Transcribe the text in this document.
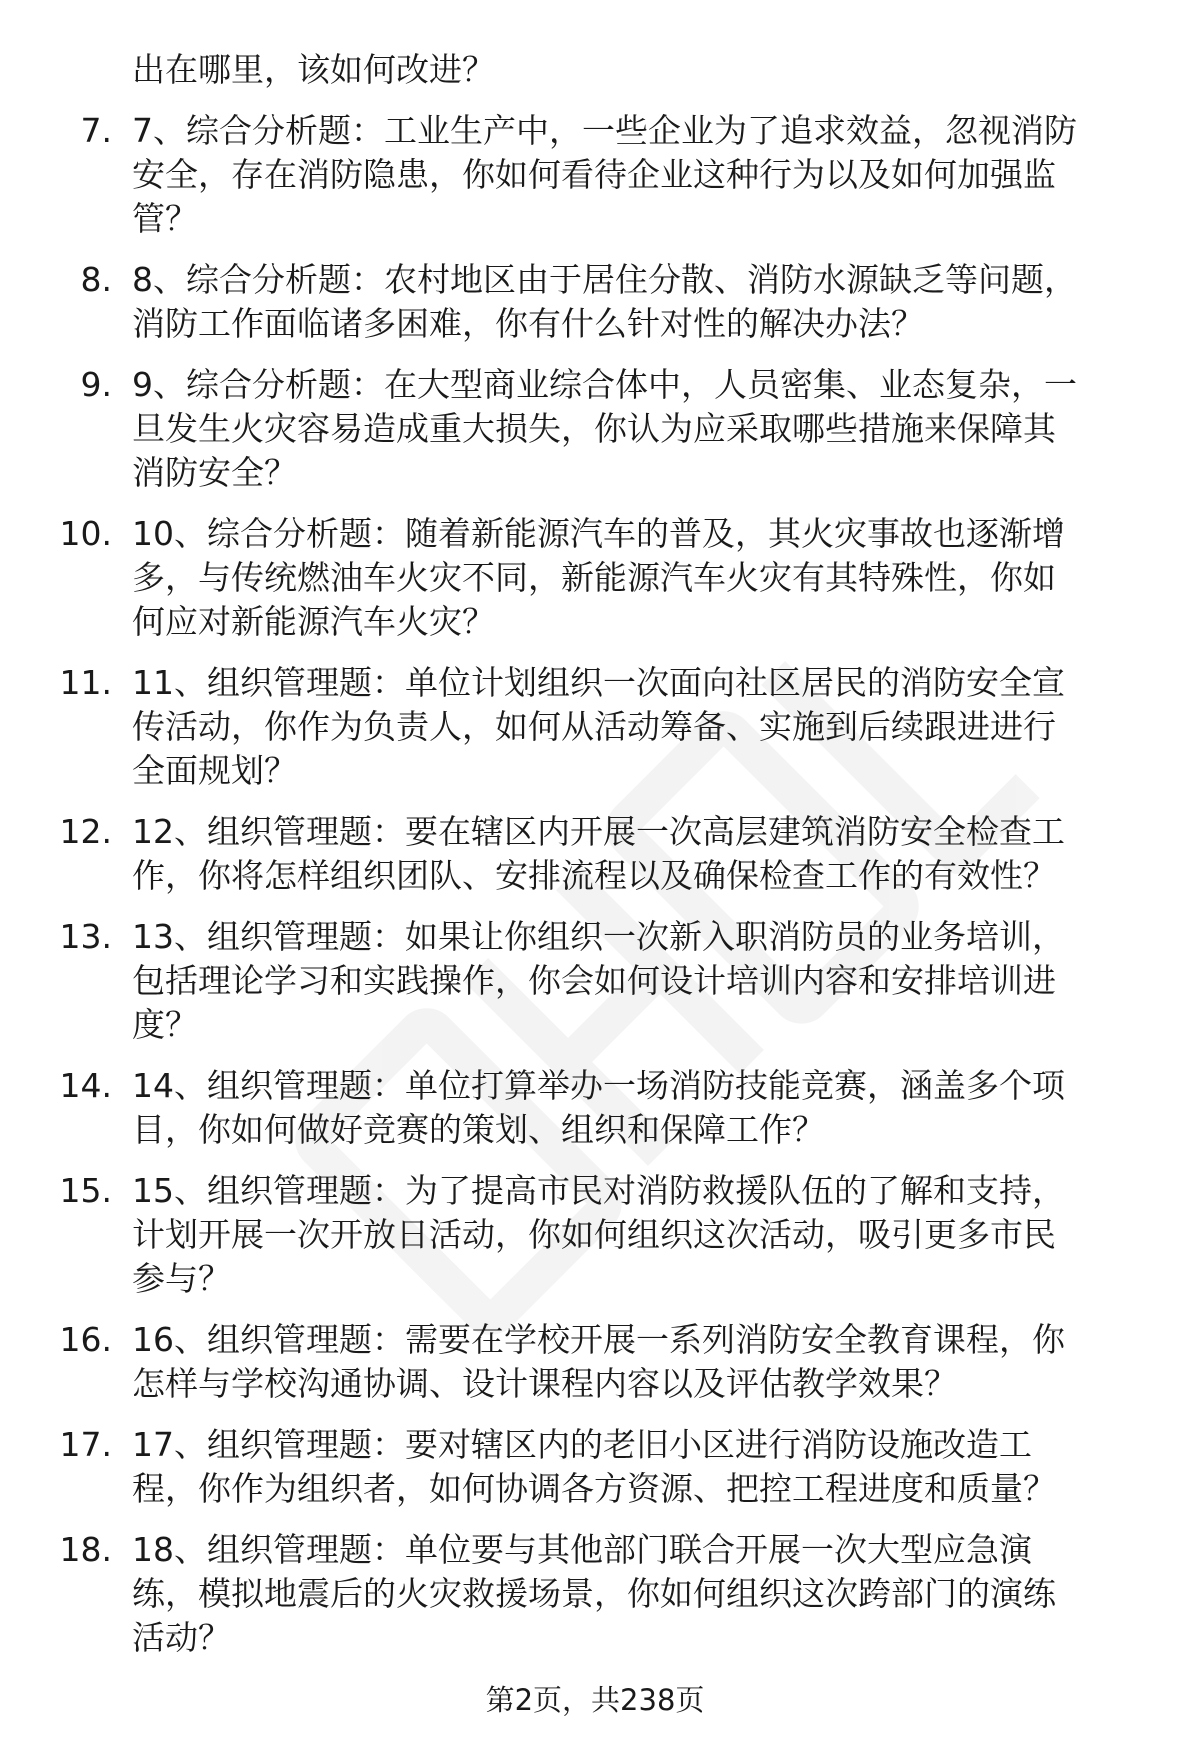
出在哪里，该如何改进？
7. 7、综合分析题：工业生产中，一些企业为了追求效益，忽视消防
安全，存在消防隐患，你如何看待企业这种行为以及如何加强监
管？
8. 8、综合分析题：农村地区由于居住分散、消防水源缺乏等问题，
消防工作面临诸多困难，你有什么针对性的解决办法？
9. 9、综合分析题：在大型商业综合体中，人员密集、业态复杂，一
旦发生火灾容易造成重大损失，你认为应采取哪些措施来保障其
消防安全？
10. 10、综合分析题：随着新能源汽车的普及，其火灾事故也逐渐增
多，与传统燃油车火灾不同，新能源汽车火灾有其特殊性，你如
何应对新能源汽车火灾？
11. 11、组织管理题：单位计划组织一次面向社区居民的消防安全宣
传活动，你作为负责人，如何从活动筹备、实施到后续跟进进行
全面规划？
12. 12、组织管理题：要在辖区内开展一次高层建筑消防安全检查工
作，你将怎样组织团队、安排流程以及确保检查工作的有效性？
13. 13、组织管理题：如果让你组织一次新入职消防员的业务培训，
包括理论学习和实践操作，你会如何设计培训内容和安排培训进
度？
14. 14、组织管理题：单位打算举办一场消防技能竞赛，涵盖多个项
目，你如何做好竞赛的策划、组织和保障工作？
15. 15、组织管理题：为了提高市民对消防救援队伍的了解和支持，
计划开展一次开放日活动，你如何组织这次活动，吸引更多市民
参与？
16. 16、组织管理题：需要在学校开展一系列消防安全教育课程，你
怎样与学校沟通协调、设计课程内容以及评估教学效果？
17. 17、组织管理题：要对辖区内的老旧小区进行消防设施改造工
程，你作为组织者，如何协调各方资源、把控工程进度和质量？
18. 18、组织管理题：单位要与其他部门联合开展一次大型应急演
练，模拟地震后的火灾救援场景，你如何组织这次跨部门的演练
活动？
第2页，共238页
